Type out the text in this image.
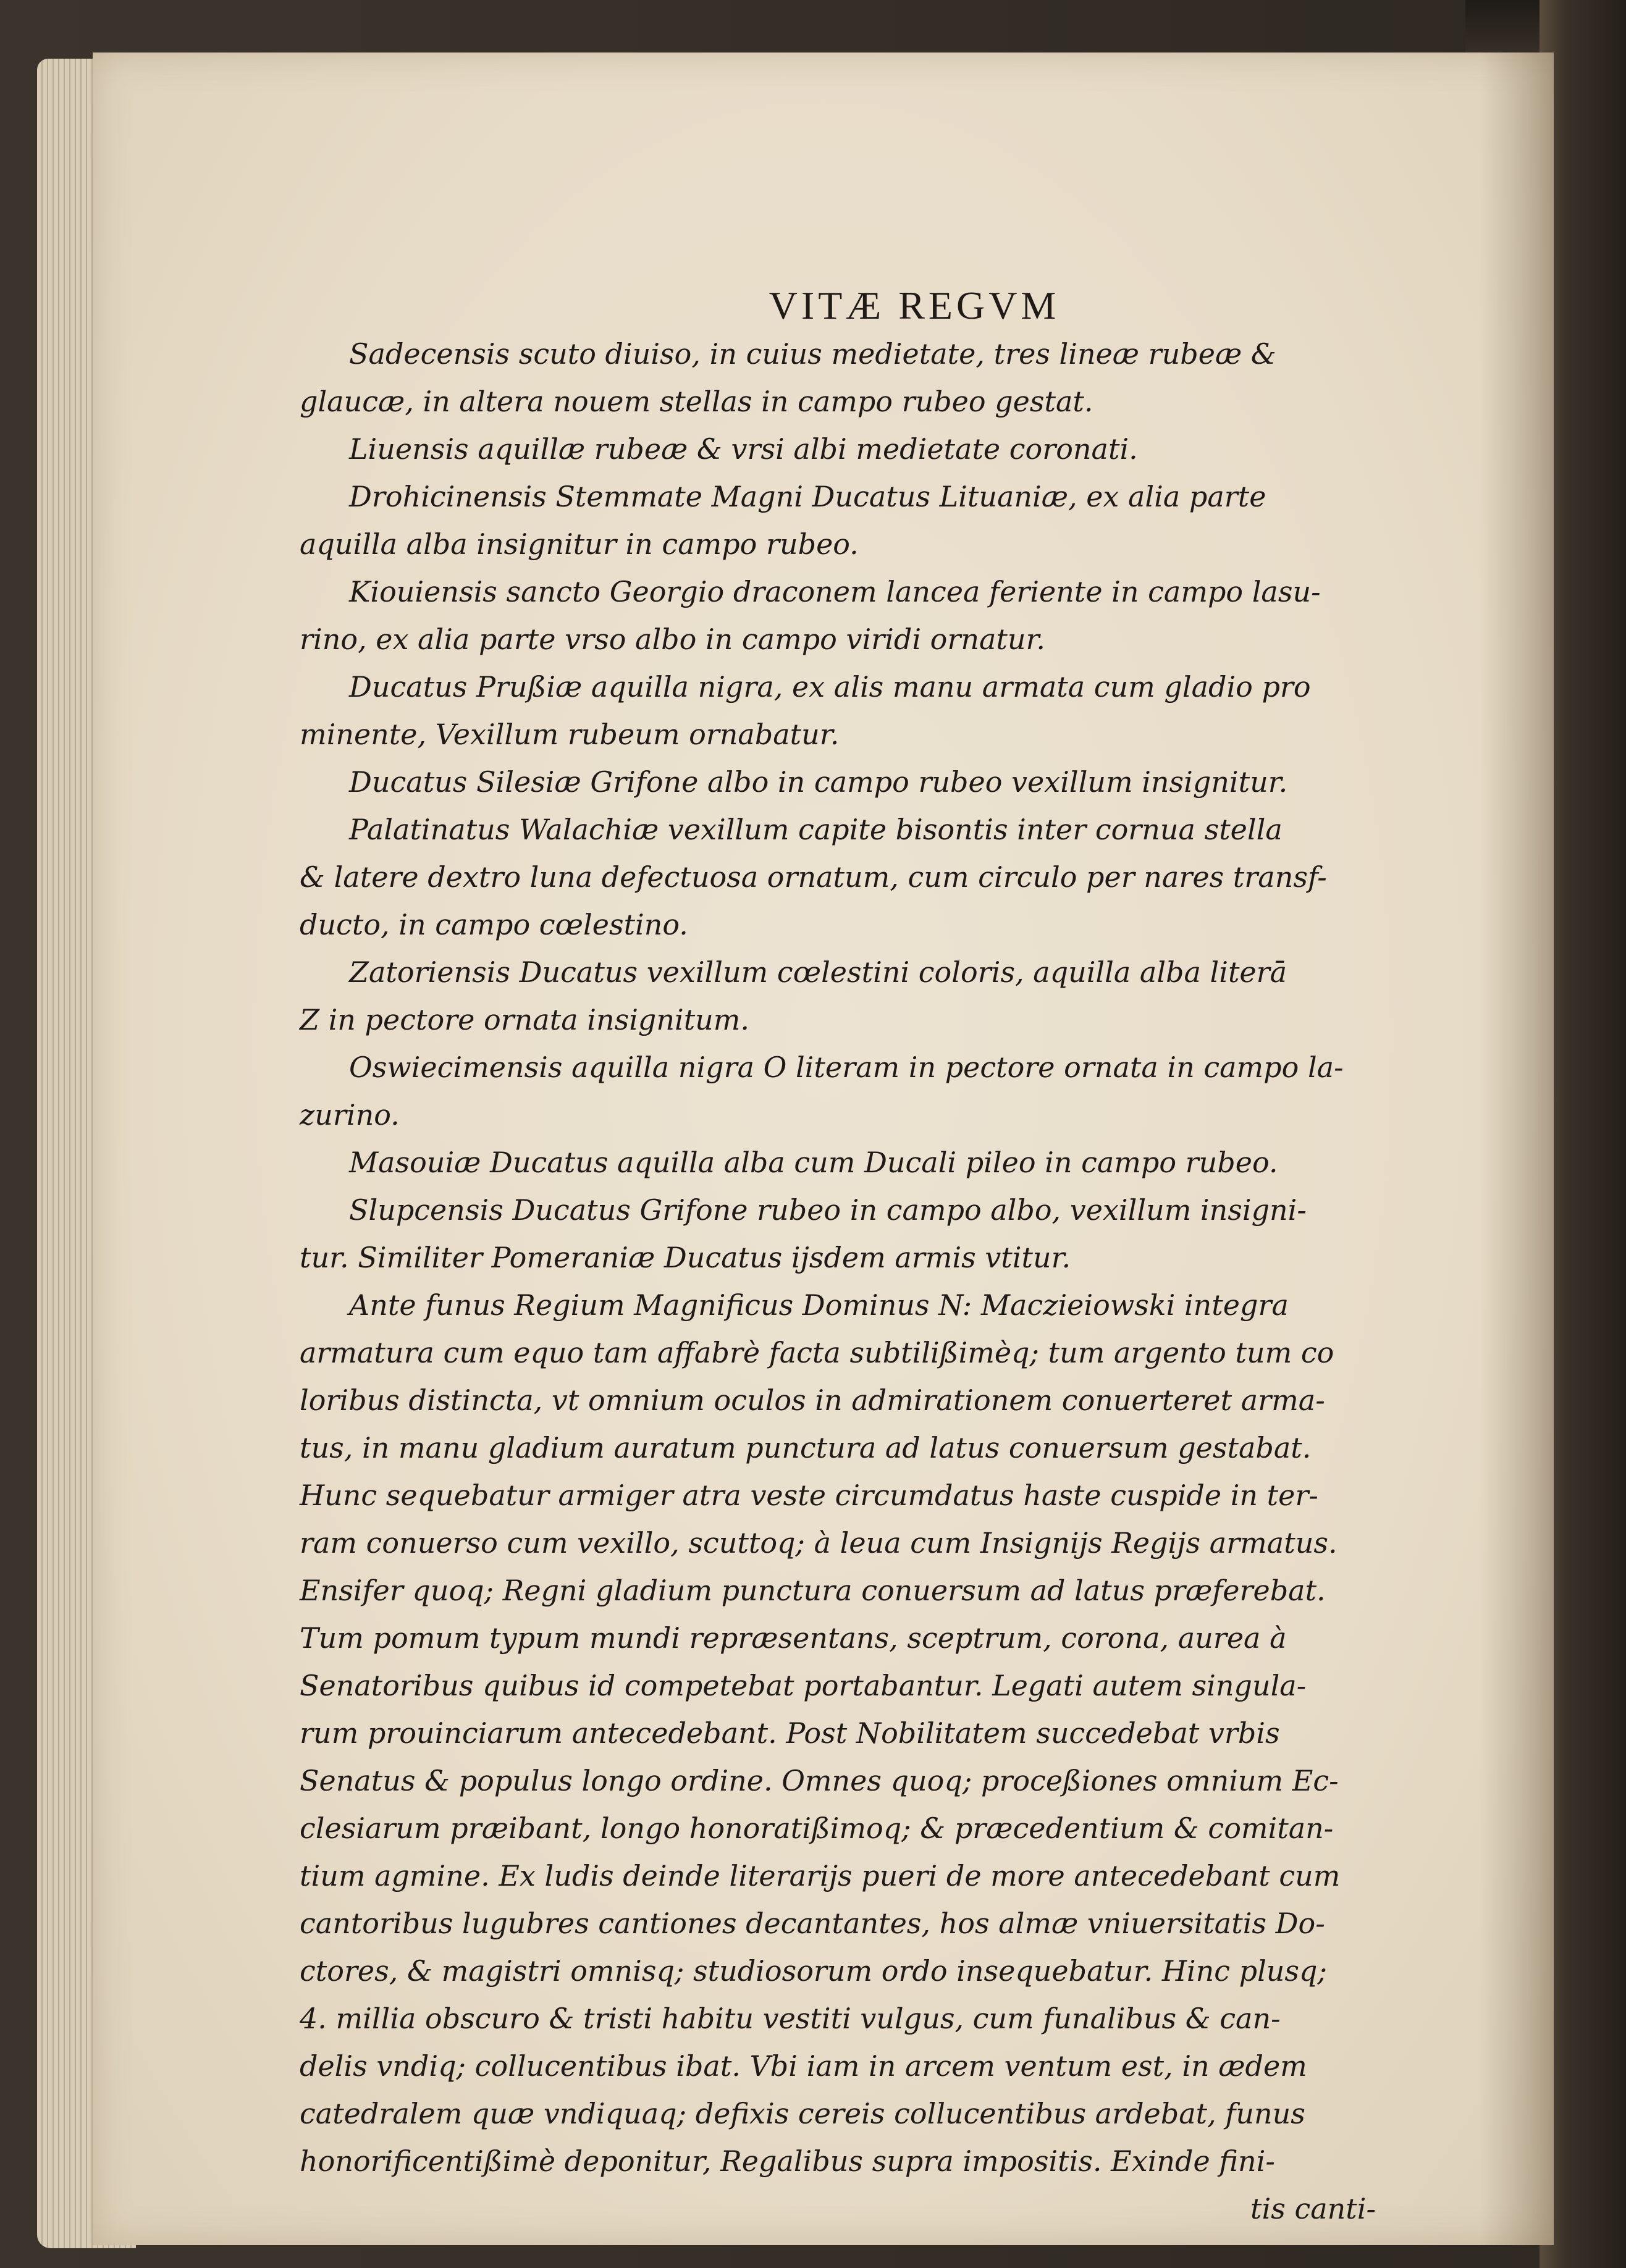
VITÆ REGVM

Sadecensis scuto diuiso, in cuius medietate, tres lineæ rubeæ &

glaucæ, in altera nouem stellas in campo rubeo gestat.

Liuensis aquillæ rubeæ & vrsi albi medietate coronati.

Drohicinensis Stemmate Magni Ducatus Lituaniæ, ex alia parte

aquilla alba insignitur in campo rubeo.

Kiouiensis sancto Georgio draconem lancea feriente in campo lasu-

rino, ex alia parte vrso albo in campo viridi ornatur.

Ducatus Prußiæ aquilla nigra, ex alis manu armata cum gladio pro

minente, Vexillum rubeum ornabatur.

Ducatus Silesiæ Grifone albo in campo rubeo vexillum insignitur.

Palatinatus Walachiæ vexillum capite bisontis inter cornua stella

& latere dextro luna defectuosa ornatum, cum circulo per nares transf-

ducto, in campo cœlestino.

Zatoriensis Ducatus vexillum cœlestini coloris, aquilla alba literā

Z in pectore ornata insignitum.

Oswiecimensis aquilla nigra O literam in pectore ornata in campo la-

zurino.

Masouiæ Ducatus aquilla alba cum Ducali pileo in campo rubeo.

Slupcensis Ducatus Grifone rubeo in campo albo, vexillum insigni-

tur. Similiter Pomeraniæ Ducatus ijsdem armis vtitur.

Ante funus Regium Magnificus Dominus N: Maczieiowski integra

armatura cum equo tam affabrè facta subtilißimèq; tum argento tum co

loribus distincta, vt omnium oculos in admirationem conuerteret arma-

tus, in manu gladium auratum punctura ad latus conuersum gestabat.

Hunc sequebatur armiger atra veste circumdatus haste cuspide in ter-

ram conuerso cum vexillo, scuttoq; à leua cum Insignijs Regijs armatus.

Ensifer quoq; Regni gladium punctura conuersum ad latus præferebat.

Tum pomum typum mundi repræsentans, sceptrum, corona, aurea à

Senatoribus quibus id competebat portabantur. Legati autem singula-

rum prouinciarum antecedebant. Post Nobilitatem succedebat vrbis

Senatus & populus longo ordine. Omnes quoq; proceßiones omnium Ec-

clesiarum præibant, longo honoratißimoq; & præcedentium & comitan-

tium agmine. Ex ludis deinde literarijs pueri de more antecedebant cum

cantoribus lugubres cantiones decantantes, hos almæ vniuersitatis Do-

ctores, & magistri omnisq; studiosorum ordo insequebatur. Hinc plusq;

4. millia obscuro & tristi habitu vestiti vulgus, cum funalibus & can-

delis vndiq; collucentibus ibat. Vbi iam in arcem ventum est, in ædem

catedralem quæ vndiquaq; defixis cereis collucentibus ardebat, funus

honorificentißimè deponitur, Regalibus supra impositis. Exinde fini-

tis canti-
